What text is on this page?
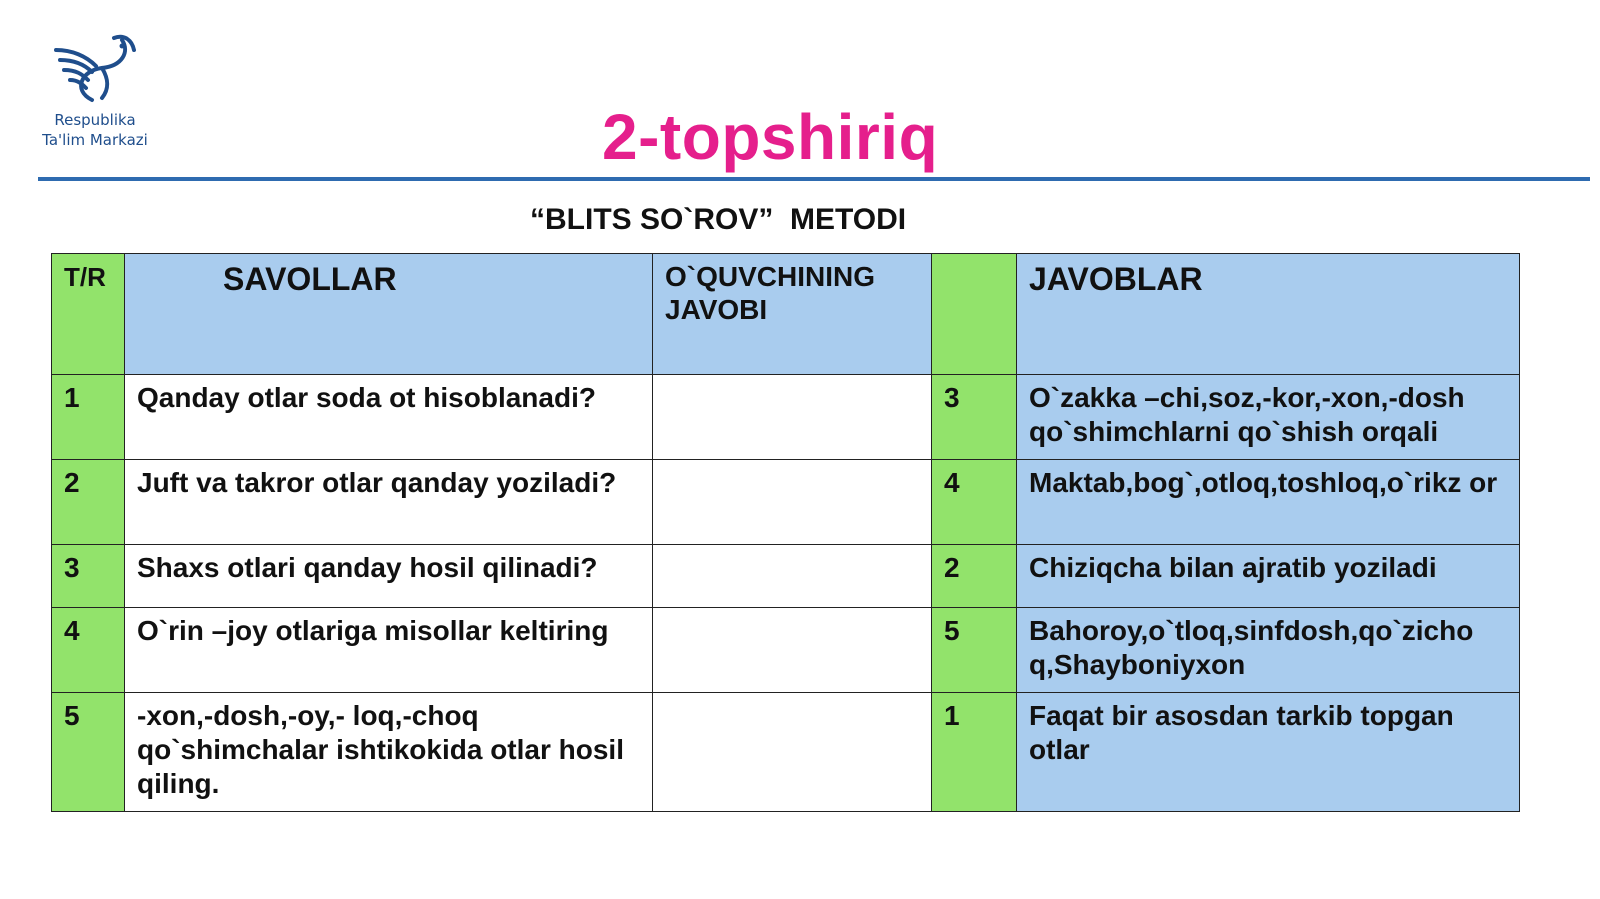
Respublika
Ta'lim Markazi	2-topshiriq
“BLITS SO`ROV”  METODI
T/R	SAVOLLAR	O`QUVCHINING JAVOBI		JAVOBLAR
1	Qanday otlar soda ot hisoblanadi?		3	O`zakka –chi,soz,-kor,-xon,-dosh qo`shimchlarni qo`shish orqali
2	Juft va takror otlar qanday yoziladi?		4	Maktab,bog`,otloq,toshloq,o`rikz or
3	Shaxs otlari qanday hosil qilinadi?		2	Chiziqcha bilan ajratib yoziladi
4	O`rin –joy otlariga misollar keltiring		5	Bahoroy,o`tloq,sinfdosh,qo`zicho q,Shayboniyxon
5	-xon,-dosh,-oy,- loq,-choq qo`shimchalar ishtikokida otlar hosil qiling.		1	Faqat bir asosdan tarkib topgan otlar
